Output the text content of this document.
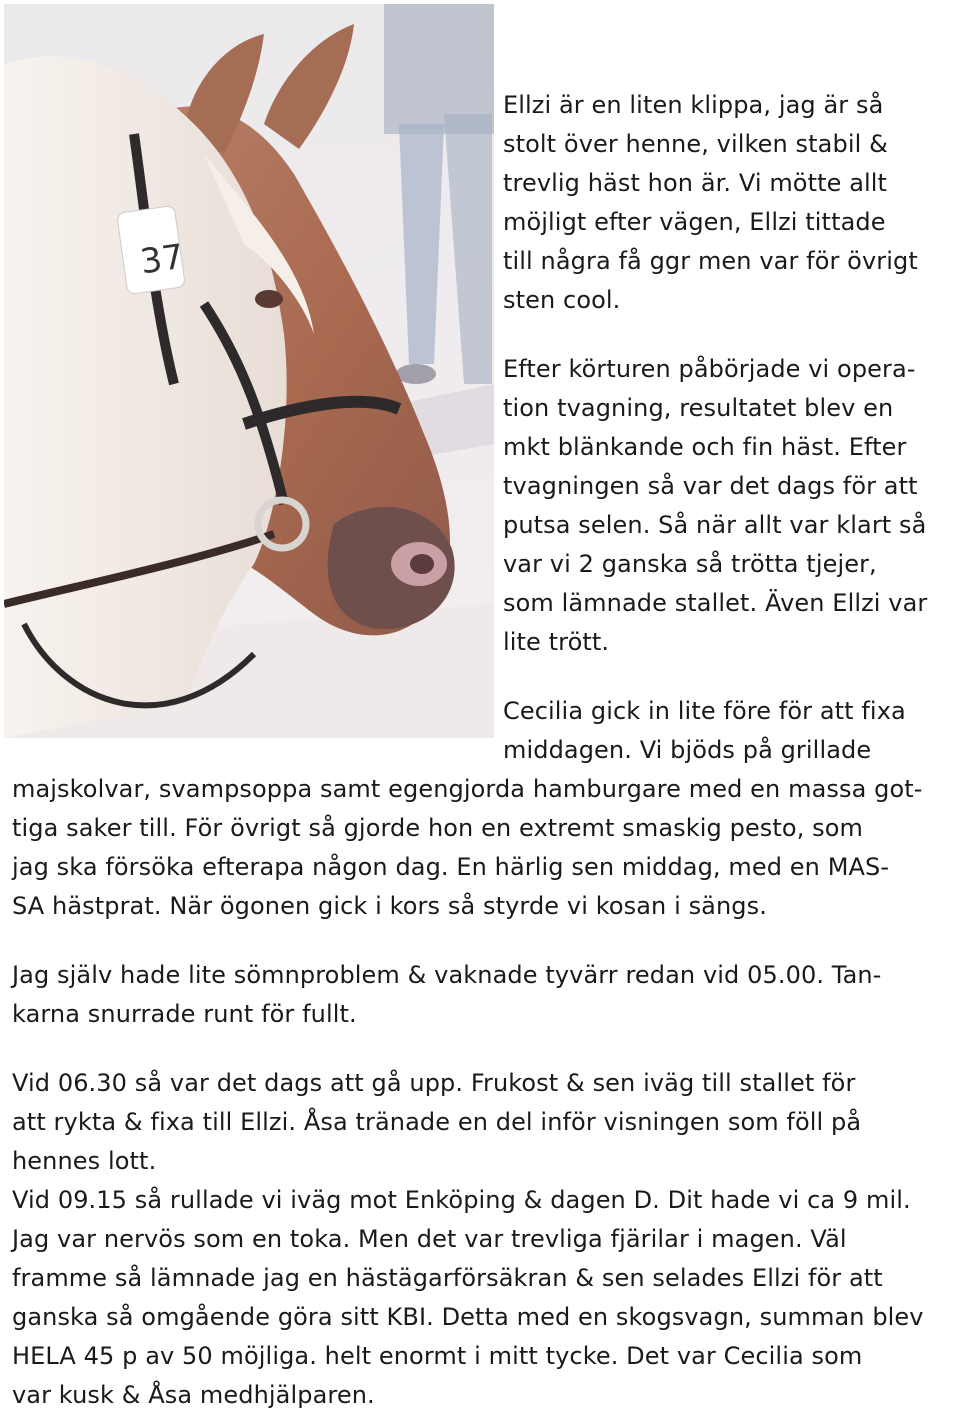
37
Ellzi är en liten klippa, jag är så
stolt över henne, vilken stabil &
trevlig häst hon är. Vi mötte allt
möjligt efter vägen, Ellzi tittade
till några få ggr men var för övrigt
sten cool.
Efter körturen påbörjade vi opera-
tion tvagning, resultatet blev en
mkt blänkande och fin häst. Efter
tvagningen så var det dags för att
putsa selen. Så när allt var klart så
var vi 2 ganska så trötta tjejer,
som lämnade stallet. Även Ellzi var
lite trött.
Cecilia gick in lite före för att fixa
middagen. Vi bjöds på grillade
majskolvar, svampsoppa samt egengjorda hamburgare med en massa got-
tiga saker till. För övrigt så gjorde hon en extremt smaskig pesto, som
jag ska försöka efterapa någon dag. En härlig sen middag, med en MAS-
SA hästprat. När ögonen gick i kors så styrde vi kosan i sängs.
Jag själv hade lite sömnproblem & vaknade tyvärr redan vid 05.00. Tan-
karna snurrade runt för fullt.
Vid 06.30 så var det dags att gå upp. Frukost & sen iväg till stallet för
att rykta & fixa till Ellzi. Åsa tränade en del inför visningen som föll på
hennes lott.
Vid 09.15 så rullade vi iväg mot Enköping & dagen D. Dit hade vi ca 9 mil.
Jag var nervös som en toka. Men det var trevliga fjärilar i magen. Väl
framme så lämnade jag en hästägarförsäkran & sen selades Ellzi för att
ganska så omgående göra sitt KBI. Detta med en skogsvagn, summan blev
HELA 45 p av 50 möjliga. helt enormt i mitt tycke. Det var Cecilia som
var kusk & Åsa medhjälparen.
